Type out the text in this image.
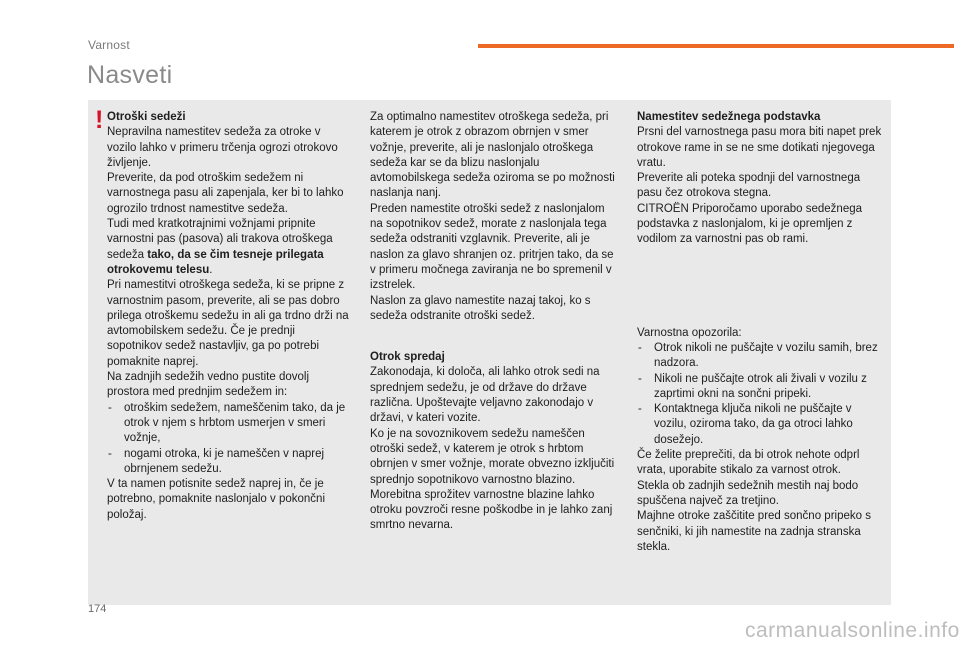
Varnost
Nasveti
! Otroški sedeži

Nepravilna namestitev sedeža za otroke v vozilo lahko v primeru trčenja ogrozi otrokovo življenje.

Preverite, da pod otroškim sedežem ni varnostnega pasu ali zapenjala, ker bi to lahko ogrozilo trdnost namestitve sedeža.

Tudi med kratkotrajnimi vožnjami pripnite varnostni pas (pasova) ali trakova otroškega sedeža tako, da se čim tesneje prilegata otrokovemu telesu.

Pri namestitvi otroškega sedeža, ki se pripne z varnostnim pasom, preverite, ali se pas dobro prilega otroškemu sedežu in ali ga trdno drži na avtomobilskem sedežu. Če je prednji sopotnikov sedež nastavljiv, ga po potrebi pomaknite naprej.

Na zadnjih sedežih vedno pustite dovolj prostora med prednjim sedežem in:

- otroškim sedežem, nameščenim tako, da je otrok v njem s hrbtom usmerjen v smeri vožnje,

- nogami otroka, ki je nameščen v naprej obrnjenem sedežu.

V ta namen potisnite sedež naprej in, če je potrebno, pomaknite naslonjalo v pokončni položaj.

Za optimalno namestitev otroškega sedeža, pri katerem je otrok z obrazom obrnjen v smer vožnje, preverite, ali je naslonjalo otroškega sedeža kar se da blizu naslonjalu avtomobilskega sedeža oziroma se po možnosti naslanja nanj.

Preden namestite otroški sedež z naslonjalom na sopotnikov sedež, morate z naslonjala tega sedeža odstraniti vzglavnik. Preverite, ali je naslon za glavo shranjen oz. pritrjen tako, da se v primeru močnega zaviranja ne bo spremenil v izstrelek.

Naslon za glavo namestite nazaj takoj, ko s sedeža odstranite otroški sedež.

Otrok spredaj

Zakonodaja, ki določa, ali lahko otrok sedi na sprednjem sedežu, je od države do države različna. Upoštevajte veljavno zakonodajo v državi, v kateri vozite.

Ko je na sovoznikovem sedežu nameščen otroški sedež, v katerem je otrok s hrbtom obrnjen v smer vožnje, morate obvezno izključiti sprednjo sopotnikovo varnostno blazino. Morebitna sprožitev varnostne blazine lahko otroku povzroči resne poškodbe in je lahko zanj smrtno nevarna.

Namestitev sedežnega podstavka

Prsni del varnostnega pasu mora biti napet prek otrokove rame in se ne sme dotikati njegovega vratu.

Preverite ali poteka spodnji del varnostnega pasu čez otrokova stegna.

CITROËN Priporočamo uporabo sedežnega podstavka z naslonjalom, ki je opremljen z vodilom za varnostni pas ob rami.

Varnostna opozorila:

- Otrok nikoli ne puščajte v vozilu samih, brez nadzora.

- Nikoli ne puščajte otrok ali živali v vozilu z zaprtimi okni na sončni pripeki.

- Kontaktnega ključa nikoli ne puščajte v vozilu, oziroma tako, da ga otroci lahko dosežejo.

Če želite preprečiti, da bi otrok nehote odprl vrata, uporabite stikalo za varnost otrok.

Stekla ob zadnjih sedežnih mestih naj bodo spuščena največ za tretjino.

Majhne otroke zaščitite pred sončno pripeko s senčniki, ki jih namestite na zadnja stranska stekla.

174
carmanualsonline.info
